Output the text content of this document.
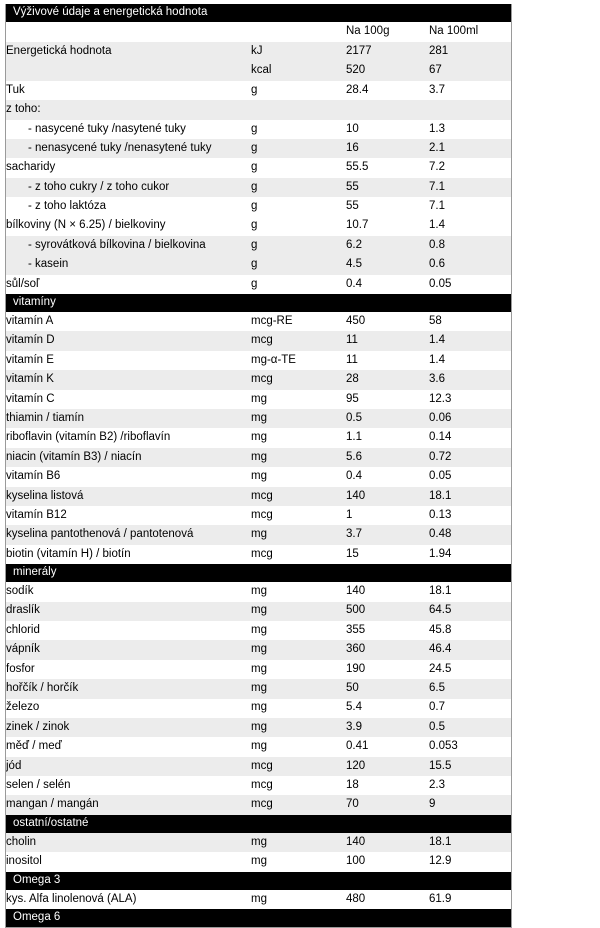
Výživové údaje a energetická hodnota			
		Na 100g	Na 100ml
Energetická hodnota	kJ	2177	281
	kcal	520	67
Tuk	g	28.4	3.7
z toho:			
- nasycené tuky /nasytené tuky	g	10	1.3
- nenasycené tuky /nenasytené tuky	g	16	2.1
sacharidy	g	55.5	7.2
- z toho cukry / z toho cukor	g	55	7.1
- z toho laktóza	g	55	7.1
bílkoviny (N × 6.25) / bielkoviny	g	10.7	1.4
- syrovátková bílkovina / bielkovina	g	6.2	0.8
- kasein	g	4.5	0.6
sůl/soľ	g	0.4	0.05
vitamíny			
vitamín A	mcg-RE	450	58
vitamín D	mcg	11	1.4
vitamín E	mg-α-TE	11	1.4
vitamín K	mcg	28	3.6
vitamín C	mg	95	12.3
thiamin / tiamín	mg	0.5	0.06
riboflavin (vitamín B2) /riboflavín	mg	1.1	0.14
niacin (vitamín B3) / niacín	mg	5.6	0.72
vitamín B6	mg	0.4	0.05
kyselina listová	mcg	140	18.1
vitamín B12	mcg	1	0.13
kyselina pantothenová / pantotenová	mg	3.7	0.48
biotin (vitamín H) / biotín	mcg	15	1.94
minerály			
sodík	mg	140	18.1
draslík	mg	500	64.5
chlorid	mg	355	45.8
vápník	mg	360	46.4
fosfor	mg	190	24.5
hořčík / horčík	mg	50	6.5
železo	mg	5.4	0.7
zinek / zinok	mg	3.9	0.5
měď / meď	mg	0.41	0.053
jód	mcg	120	15.5
selen / selén	mcg	18	2.3
mangan / mangán	mcg	70	9
ostatní/ostatné			
cholin	mg	140	18.1
inositol	mg	100	12.9
Omega 3			
kys. Alfa linolenová (ALA)	mg	480	61.9
Omega 6			
